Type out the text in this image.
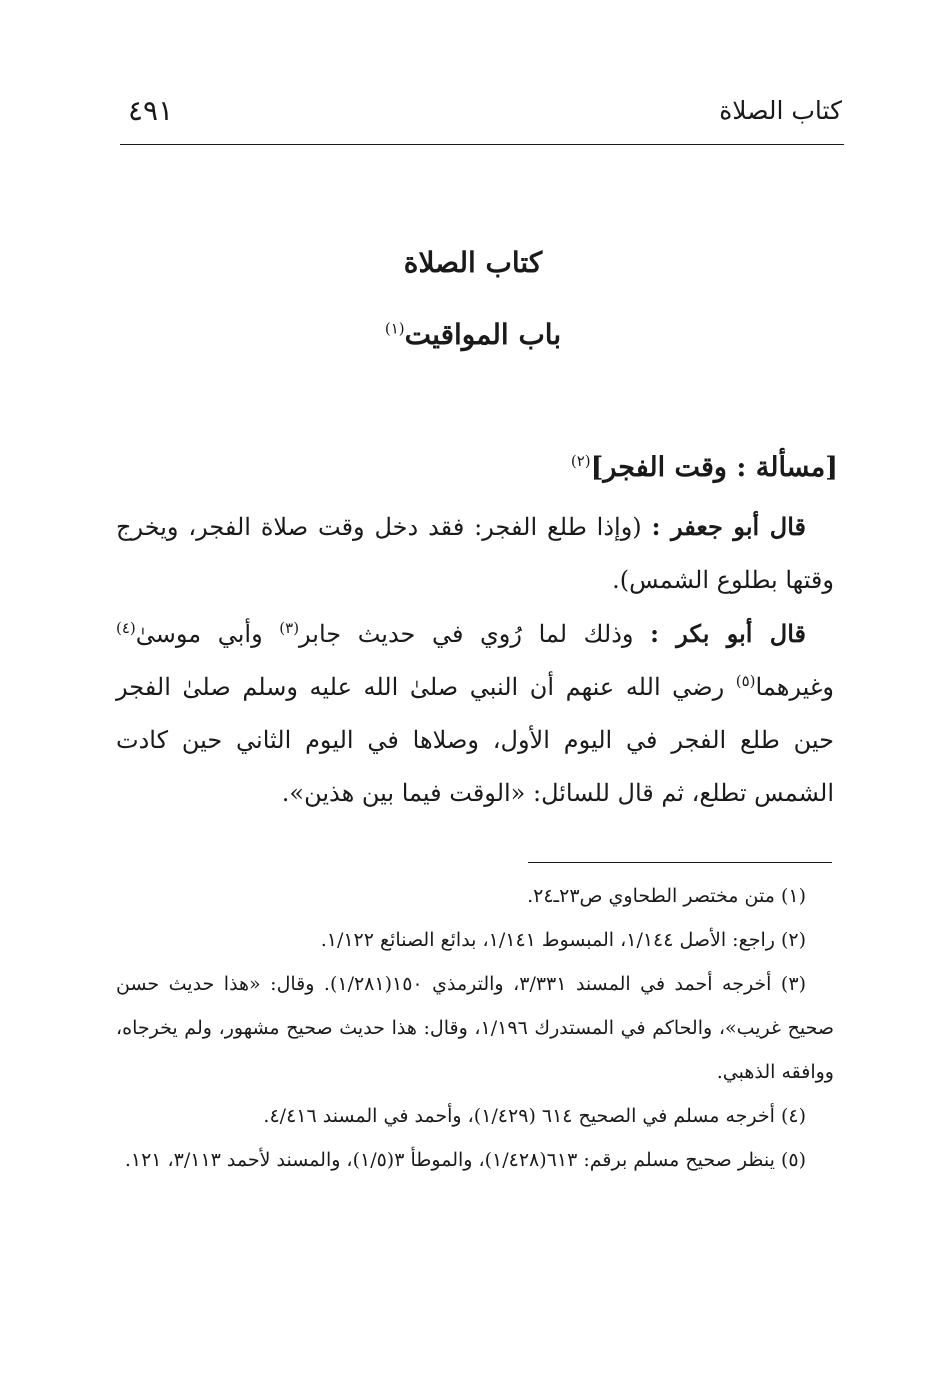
كتاب الصلاة
٤٩١
كتاب الصلاة
باب المواقيت$^{(١)}$
[مسألة : وقت الفجر]$^{(٢)}$

قال أبو جعفر : (وإذا طلع الفجر: فقد دخل وقت صلاة الفجر، ويخرج وقتها بطلوع الشمس).

قال أبو بكر : وذلك لما رُوي في حديث جابر$^{(٣)}$ وأبي موسىٰ$^{(٤)}$ وغيرهما$^{(٥)}$ رضي الله عنهم أن النبي صلىٰ الله عليه وسلم صلىٰ الفجر حين طلع الفجر في اليوم الأول، وصلاها في اليوم الثاني حين كادت الشمس تطلع، ثم قال للسائل: «الوقت فيما بين هذين».

(١) متن مختصر الطحاوي ص٢٣ـ٢٤.

(٢) راجع: الأصل ١/١٤٤، المبسوط ١/١٤١، بدائع الصنائع ١/١٢٢.

(٣) أخرجه أحمد في المسند ٣/٣٣١، والترمذي ١٥٠(١/٢٨١). وقال: «هذا حديث حسن صحيح غريب»، والحاكم في المستدرك ١/١٩٦، وقال: هذا حديث صحيح مشهور، ولم يخرجاه، ووافقه الذهبي.

(٤) أخرجه مسلم في الصحيح ٦١٤ (١/٤٢٩)، وأحمد في المسند ٤/٤١٦.

(٥) ينظر صحيح مسلم برقم: ٦١٣(١/٤٢٨)، والموطأ ٣(١/٥)، والمسند لأحمد ٣/١١٣، ١٢١.
